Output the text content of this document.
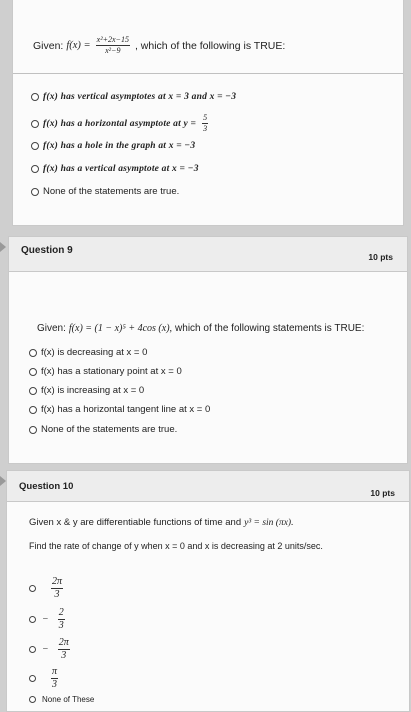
Given: $f(x) = \frac{\text{x²+2x−15}}{\text{x²−9}}$ , which of the following is TRUE:
f(x) has vertical asymptotes at x = 3 and x = −3
f(x) has a horizontal asymptote at $y = \frac{5}{3}$
f(x) has a hole in the graph at x = −3
f(x) has a vertical asymptote at x = −3
None of the statements are true.
Question 9
10 pts
Given: f(x) = (1 − x)⁵ + 4cos (x), which of the following statements is TRUE:
f(x) is decreasing at x = 0
f(x) has a stationary point at x = 0
f(x) is increasing at x = 0
f(x) has a horizontal tangent line at x = 0
None of the statements are true.
Question 10
10 pts
Given x & y are differentiable functions of time and y³ = sin (πx).
Find the rate of change of y when x = 0 and x is decreasing at 2 units/sec.
$\frac{2\pi}{3}$
− $\frac{2}{3}$
− $\frac{2\pi}{3}$
$\frac{\pi}{3}$
None of These
